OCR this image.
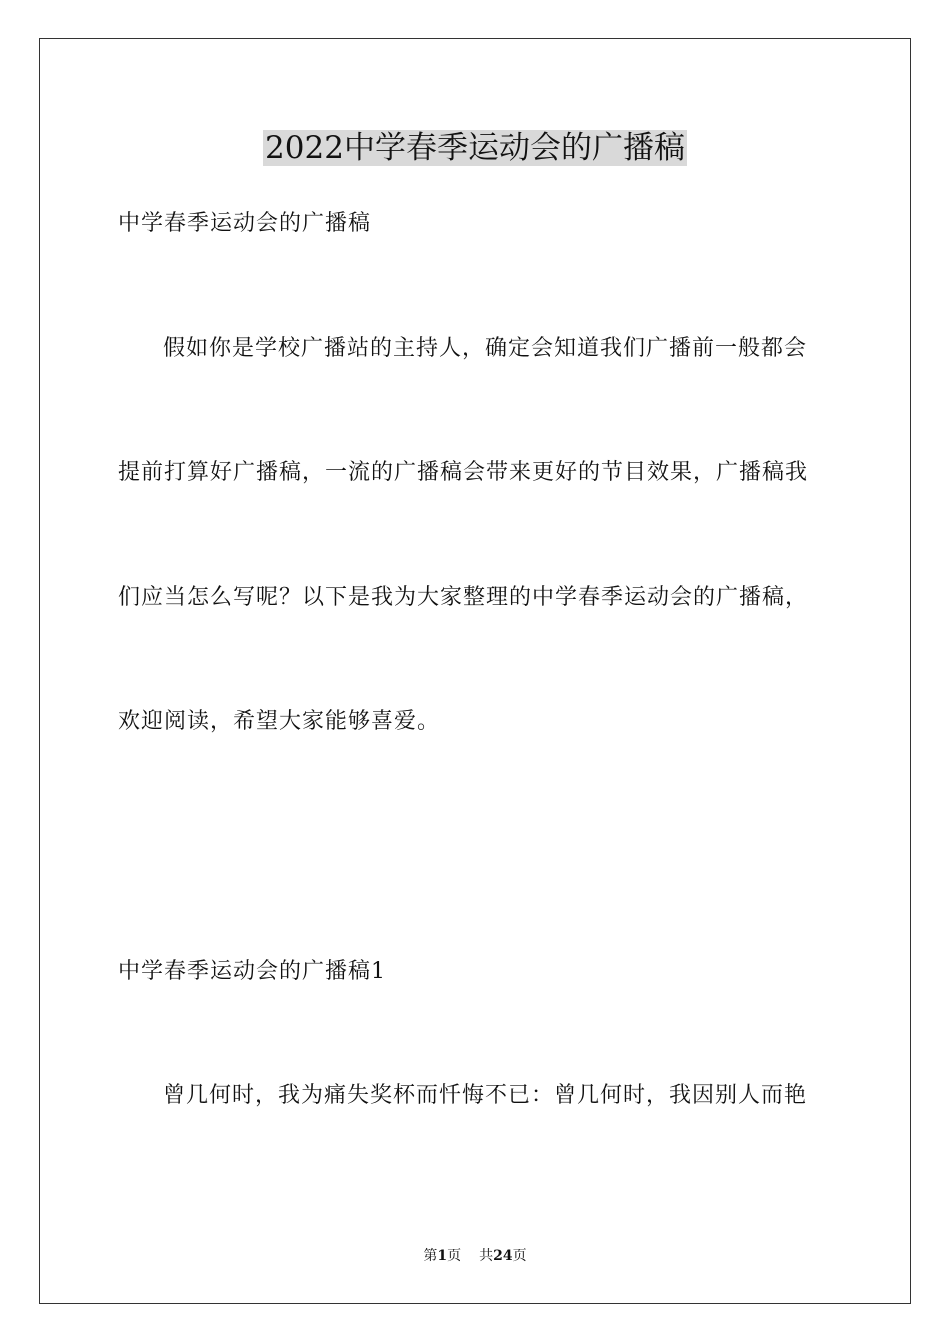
2022中学春季运动会的广播稿
中学春季运动会的广播稿
假如你是学校广播站的主持人，确定会知道我们广播前一般都会
提前打算好广播稿，一流的广播稿会带来更好的节目效果，广播稿我
们应当怎么写呢？以下是我为大家整理的中学春季运动会的广播稿，
欢迎阅读，希望大家能够喜爱。
中学春季运动会的广播稿1
曾几何时，我为痛失奖杯而忏悔不已：曾几何时，我因别人而艳
第1页 共24页
